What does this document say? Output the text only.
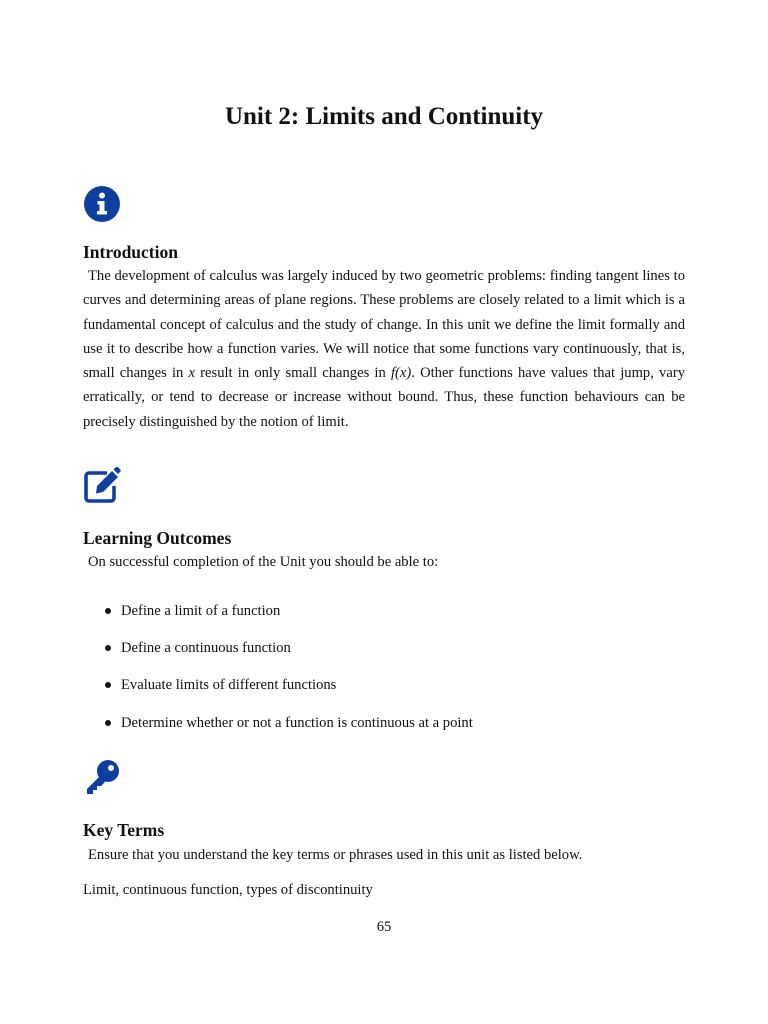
Unit 2: Limits and Continuity
Introduction

The development of calculus was largely induced by two geometric problems: finding tangent lines to curves and determining areas of plane regions. These problems are closely related to a limit which is a fundamental concept of calculus and the study of change. In this unit we define the limit formally and use it to describe how a function varies. We will notice that some functions vary continuously, that is, small changes in x result in only small changes in f(x). Other functions have values that jump, vary erratically, or tend to decrease or increase without bound. Thus, these function behaviours can be precisely distinguished by the notion of limit.

Learning Outcomes

On successful completion of the Unit you should be able to:

Define a limit of a function
Define a continuous function
Evaluate limits of different functions
Determine whether or not a function is continuous at a point
Key Terms

Ensure that you understand the key terms or phrases used in this unit as listed below.

Limit, continuous function, types of discontinuity

65
